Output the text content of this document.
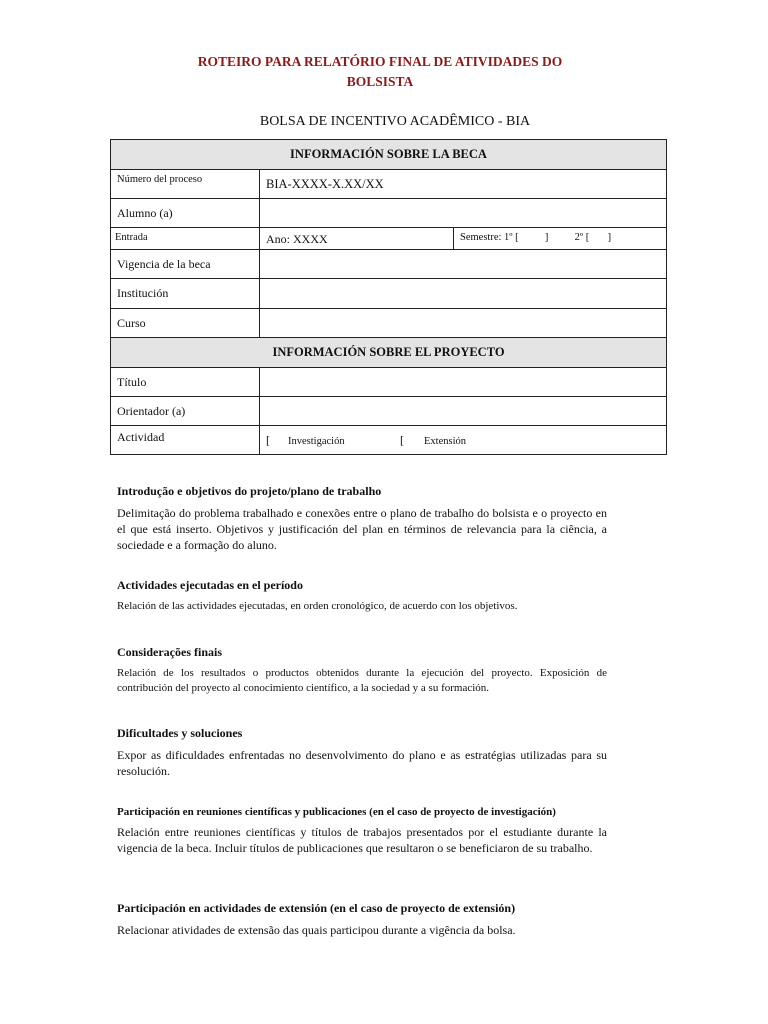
ROTEIRO PARA RELATÓRIO FINAL DE ATIVIDADES DO BOLSISTA
BOLSA DE INCENTIVO ACADÊMICO - BIA
INFORMACIÓN SOBRE LA BECA		
Número del proceso	BIA-XXXX-X.XX/XX	
Alumno (a)		
Entrada	Ano: XXXX	Semestre: 1º [          ]          2º [       ]
Vigencia de la beca		
Institución		
Curso		
INFORMACIÓN SOBRE EL PROYECTO		
Título		
Orientador (a)		
Actividad	[ Investigación [ Extensión	

Introdução e objetivos do projeto/plano de trabalho

Delimitação do problema trabalhado e conexões entre o plano de trabalho do bolsista e o proyecto en el que está inserto. Objetivos y justificación del plan en términos de relevancia para la ciência, a sociedade e a formação do aluno.

Actividades ejecutadas en el período

Relación de las actividades ejecutadas, en orden cronológico, de acuerdo con los objetivos.

Considerações finais

Relación de los resultados o productos obtenidos durante la ejecución del proyecto. Exposición de contribución del proyecto al conocimiento científico, a la sociedad y a su formación.

Dificultades y soluciones

Expor as dificuldades enfrentadas no desenvolvimento do plano e as estratégias utilizadas para su resolución.

Participación en reuniones científicas y publicaciones (en el caso de proyecto de investigación)

Relación entre reuniones científicas y títulos de trabajos presentados por el estudiante durante la vigencia de la beca. Incluir títulos de publicaciones que resultaron o se beneficiaron de su trabalho.

Participación en actividades de extensión (en el caso de proyecto de extensión)

Relacionar atividades de extensão das quais participou durante a vigência da bolsa.
